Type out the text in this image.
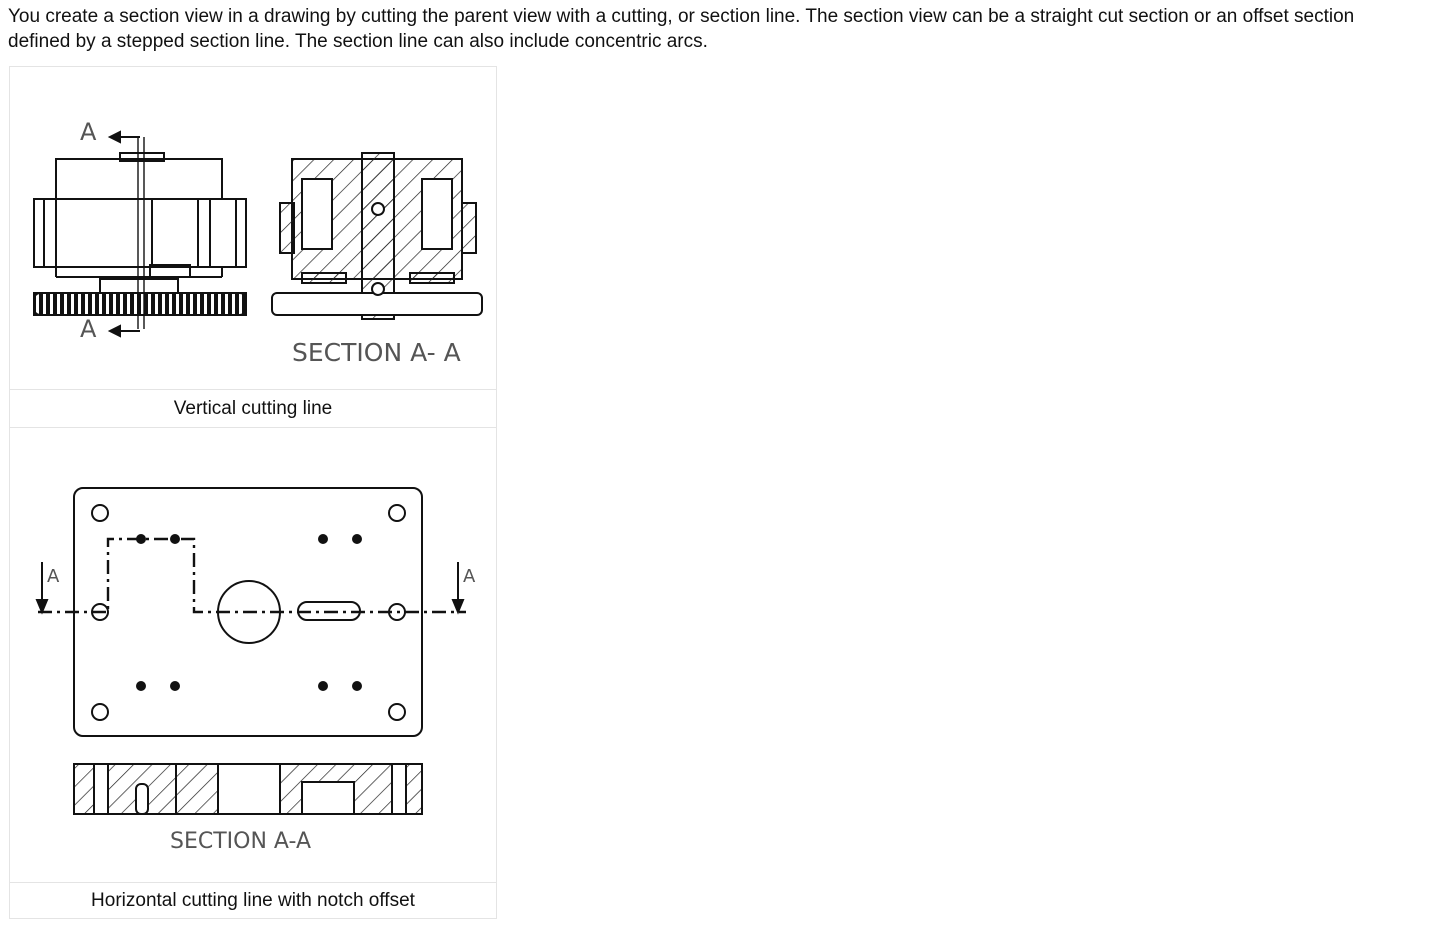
You create a section view in a drawing by cutting the parent view with a cutting, or section line. The section view can be a straight cut section or an offset section defined by a stepped section line. The section line can also include concentric arcs.

A
A
SECTION A- A
Vertical cutting line
A	A
SECTION A-A
Horizontal cutting line with notch offset
